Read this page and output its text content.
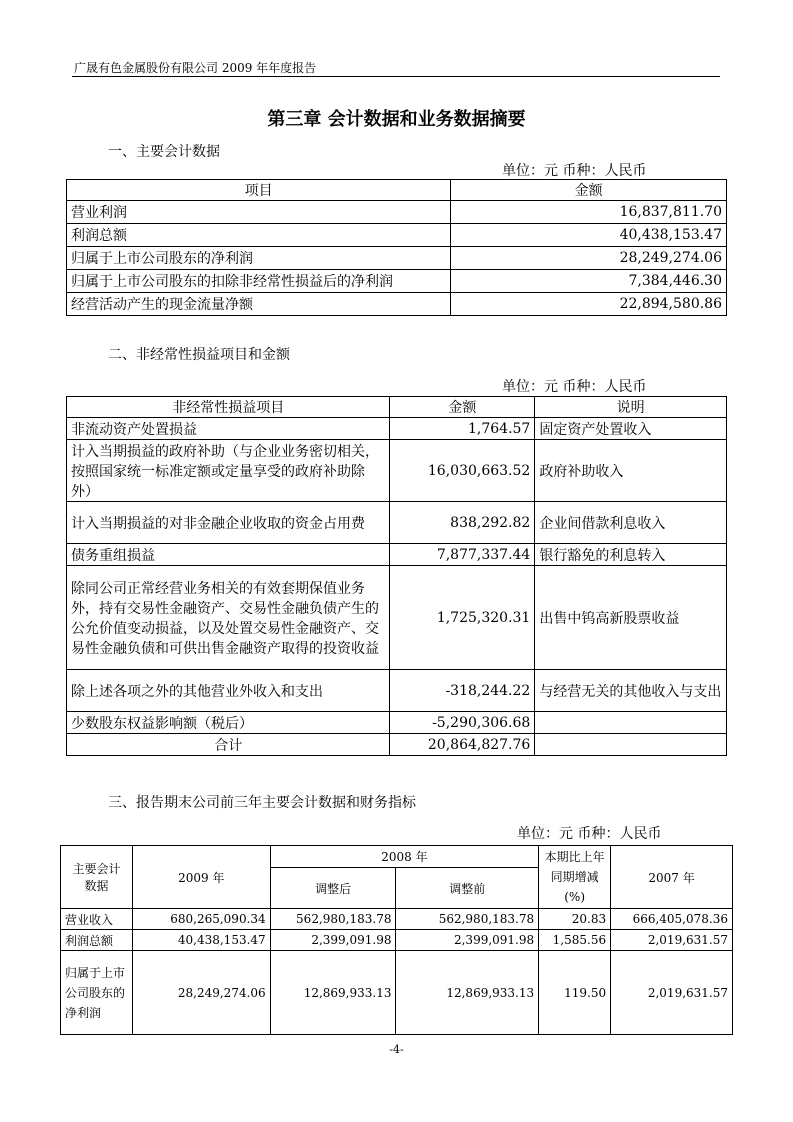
广晟有色金属股份有限公司 2009 年年度报告
第三章 会计数据和业务数据摘要
一、主要会计数据
单位：元 币种：人民币
项目	金额
营业利润	16,837,811.70
利润总额	40,438,153.47
归属于上市公司股东的净利润	28,249,274.06
归属于上市公司股东的扣除非经常性损益后的净利润	7,384,446.30
经营活动产生的现金流量净额	22,894,580.86
二、非经常性损益项目和金额
单位：元 币种：人民币
非经常性损益项目	金额	说明
非流动资产处置损益	1,764.57	固定资产处置收入
计入当期损益的政府补助（与企业业务密切相关，按照国家统一标准定额或定量享受的政府补助除外）	16,030,663.52	政府补助收入
计入当期损益的对非金融企业收取的资金占用费	838,292.82	企业间借款利息收入
债务重组损益	7,877,337.44	银行豁免的利息转入
除同公司正常经营业务相关的有效套期保值业务外，持有交易性金融资产、交易性金融负债产生的公允价值变动损益，以及处置交易性金融资产、交易性金融负债和可供出售金融资产取得的投资收益	1,725,320.31	出售中钨高新股票收益
除上述各项之外的其他营业外收入和支出	-318,244.22	与经营无关的其他收入与支出
少数股东权益影响额（税后）	-5,290,306.68	
合计	20,864,827.76	
三、报告期末公司前三年主要会计数据和财务指标
单位：元 币种：人民币
主要会计数据	2009 年	2008 年		本期比上年同期增减(%)	2007 年
		调整后	调整前		
营业收入	680,265,090.34	562,980,183.78	562,980,183.78	20.83	666,405,078.36
利润总额	40,438,153.47	2,399,091.98	2,399,091.98	1,585.56	2,019,631.57

归属于上市公司股东的净利润	28,249,274.06	12,869,933.13	12,869,933.13	119.50	2,019,631.57
-4-
